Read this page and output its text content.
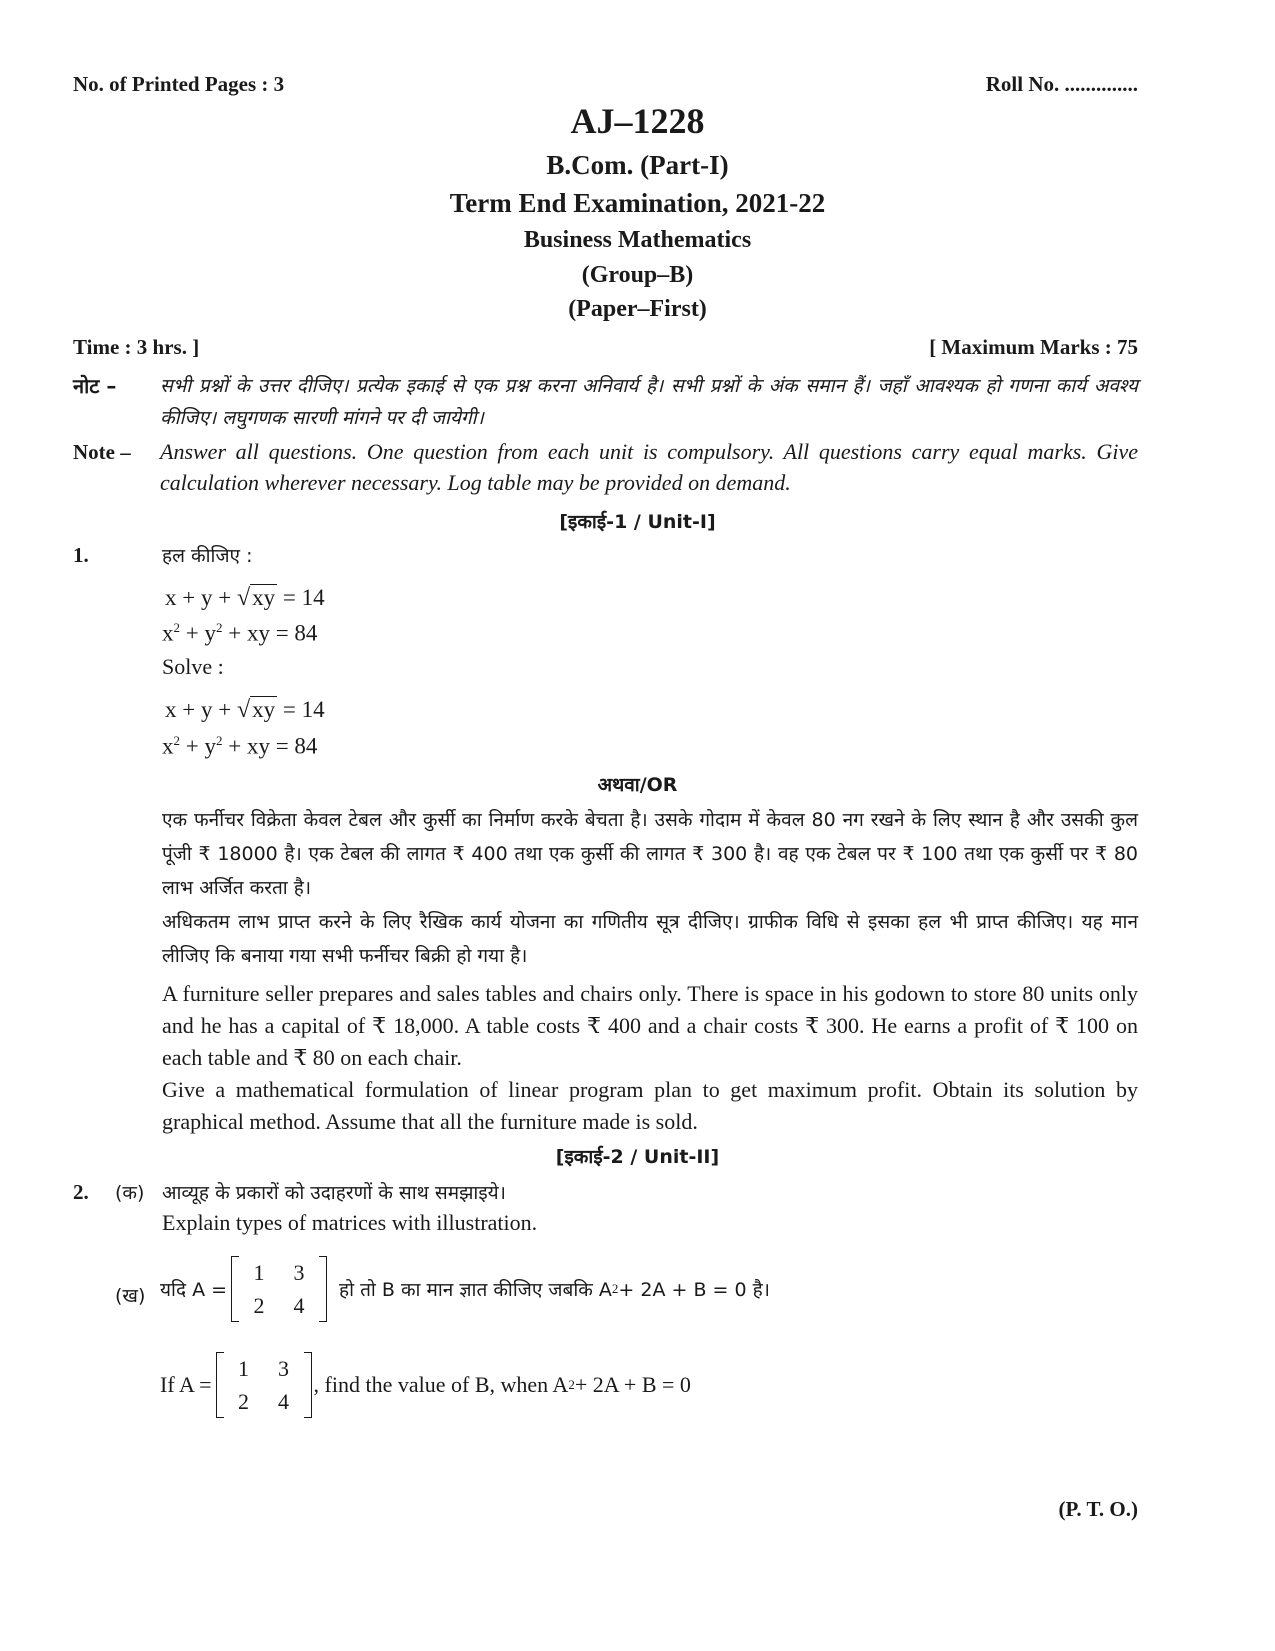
No. of Printed Pages : 3	Roll No. ..............
AJ–1228
B.Com. (Part-I)
Term End Examination, 2021-22
Business Mathematics
(Group–B)
(Paper–First)
Time : 3 hrs. ]	[ Maximum Marks : 75
नोट – सभी प्रश्नों के उत्तर दीजिए। प्रत्येक इकाई से एक प्रश्न करना अनिवार्य है। सभी प्रश्नों के अंक समान हैं। जहाँ आवश्यक हो गणना कार्य अवश्य कीजिए। लघुगणक सारणी मांगने पर दी जायेगी।
Note – Answer all questions. One question from each unit is compulsory. All questions carry equal marks. Give calculation wherever necessary. Log table may be provided on demand.
[इकाई-1 / Unit-I]
1.	हल कीजिए :
x + y + √xy = 14
$x^2 + y^2$ + xy = 84
Solve :
x + y + √xy = 14
$x^2 + y^2$ + xy = 84
अथवा/OR
एक फर्नीचर विक्रेता केवल टेबल और कुर्सी का निर्माण करके बेचता है। उसके गोदाम में केवल 80 नग रखने के लिए स्थान है और उसकी कुल पूंजी ₹ 18000 है। एक टेबल की लागत ₹ 400 तथा एक कुर्सी की लागत ₹ 300 है। वह एक टेबल पर ₹ 100 तथा एक कुर्सी पर ₹ 80 लाभ अर्जित करता है।
अधिकतम लाभ प्राप्त करने के लिए रैखिक कार्य योजना का गणितीय सूत्र दीजिए। ग्राफीक विधि से इसका हल भी प्राप्त कीजिए। यह मान लीजिए कि बनाया गया सभी फर्नीचर बिक्री हो गया है।
A furniture seller prepares and sales tables and chairs only. There is space in his godown to store 80 units only and he has a capital of ₹ 18,000. A table costs ₹ 400 and a chair costs ₹ 300. He earns a profit of ₹ 100 on each table and ₹ 80 on each chair.
Give a mathematical formulation of linear program plan to get maximum profit. Obtain its solution by graphical method. Assume that all the furniture made is sold.
[इकाई-2 / Unit-II]
2. (क) आव्यूह के प्रकारों को उदाहरणों के साथ समझाइये।
Explain types of matrices with illustration.
(ख) यदि A =
1	3
2	4
हो तो B का मान ज्ञात कीजिए जबकि A 2 + 2A + B = 0 है।
If A =
1	3
2	4
, find the value of B, when A 2 + 2A + B = 0
(P. T. O.)
